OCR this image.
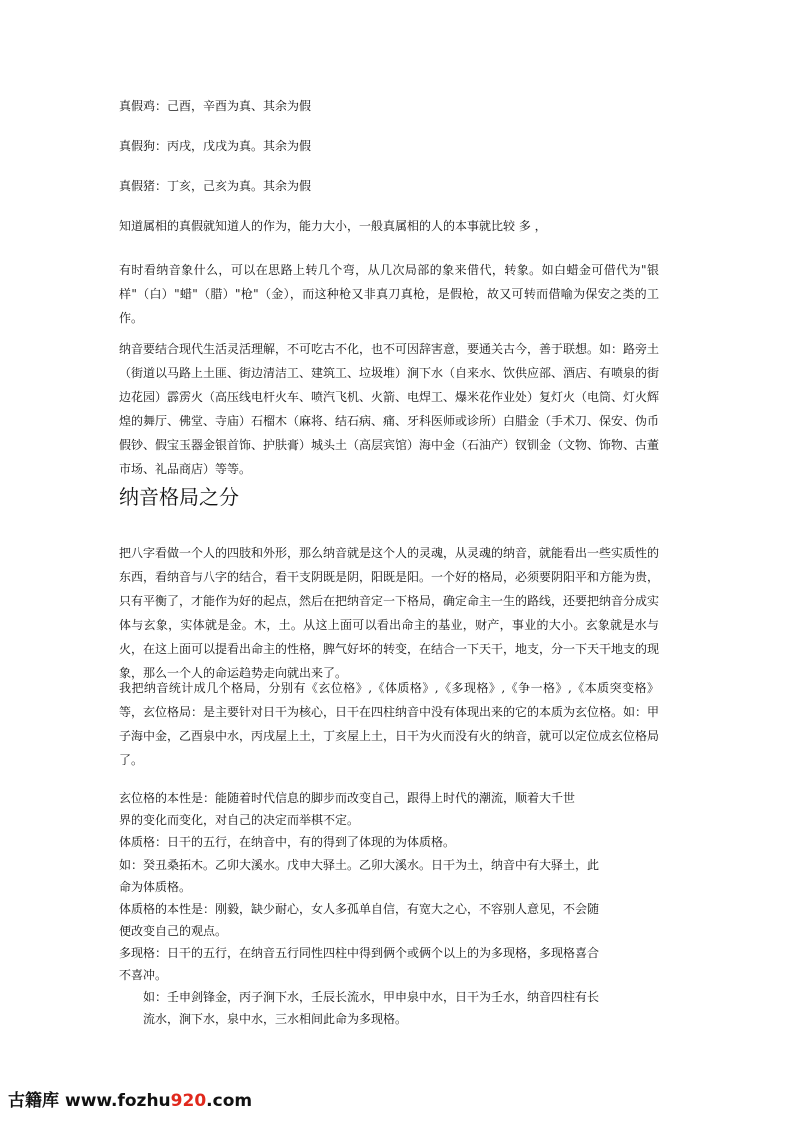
真假鸡：己酉，辛酉为真、其余为假

真假狗：丙戌，戊戌为真。其余为假

真假猪：丁亥，己亥为真。其余为假

知道属相的真假就知道人的作为，能力大小，一般真属相的人的本事就比较 多 ，

有时看纳音象什么，可以在思路上转几个弯，从几次局部的象来借代，转象。如白蜡金可借代为"银样"（白）"蜡"（腊）"枪"（金），而这种枪又非真刀真枪，是假枪，故又可转而借喻为保安之类的工作。

纳音要结合现代生活灵活理解，不可吃古不化，也不可因辞害意，要通关古今，善于联想。如：路旁土（街道以马路上土匪、街边清洁工、建筑工、垃圾堆）涧下水（自来水、饮供应部、酒店、有喷泉的街边花园）霹雳火（高压线电杆火车、喷汽飞机、火箭、电焊工、爆米花作业处）复灯火（电筒、灯火辉煌的舞厅、佛堂、寺庙）石榴木（麻将、结石病、痛、牙科医师或诊所）白腊金（手术刀、保安、伪币假钞、假宝玉器金银首饰、护肤膏）城头土（高层宾馆）海中金（石油产）钗钏金（文物、饰物、古董市场、礼品商店）等等。

纳音格局之分

把八字看做一个人的四肢和外形，那么纳音就是这个人的灵魂，从灵魂的纳音，就能看出一些实质性的东西，看纳音与八字的结合，看干支阴既是阴，阳既是阳。一个好的格局，必须要阴阳平和方能为贵，只有平衡了，才能作为好的起点，然后在把纳音定一下格局，确定命主一生的路线，还要把纳音分成实体与玄象，实体就是金。木，土。从这上面可以看出命主的基业，财产，事业的大小。玄象就是水与火，在这上面可以提看出命主的性格，脾气好坏的转变，在结合一下天干，地支，分一下天干地支的现象，那么一个人的命运趋势走向就出来了。

我把纳音统计成几个格局，分别有《玄位格》,《体质格》,《多现格》,《争一格》,《本质突变格》等，玄位格局：是主要针对日干为核心，日干在四柱纳音中没有体现出来的它的本质为玄位格。如：甲子海中金，乙酉泉中水，丙戌屋上土，丁亥屋上土，日干为火而没有火的纳音，就可以定位成玄位格局了。

玄位格的本性是：能随着时代信息的脚步而改变自己，跟得上时代的潮流，顺着大千世

界的变化而变化，对自己的决定而举棋不定。

体质格：日干的五行，在纳音中，有的得到了体现的为体质格。

如：癸丑桑拓木。乙卯大溪水。戊申大驿土。乙卯大溪水。日干为土，纳音中有大驿土，此

命为体质格。

体质格的本性是：刚毅，缺少耐心，女人多孤单自信，有宽大之心，不容别人意见，不会随

便改变自己的观点。

多现格：日干的五行，在纳音五行同性四柱中得到俩个或俩个以上的为多现格，多现格喜合

不喜冲。

如：壬申剑锋金，丙子涧下水，壬辰长流水，甲申泉中水，日干为壬水，纳音四柱有长

流水，涧下水，泉中水，三水相间此命为多现格。

古籍库 www.fozhu920.com
